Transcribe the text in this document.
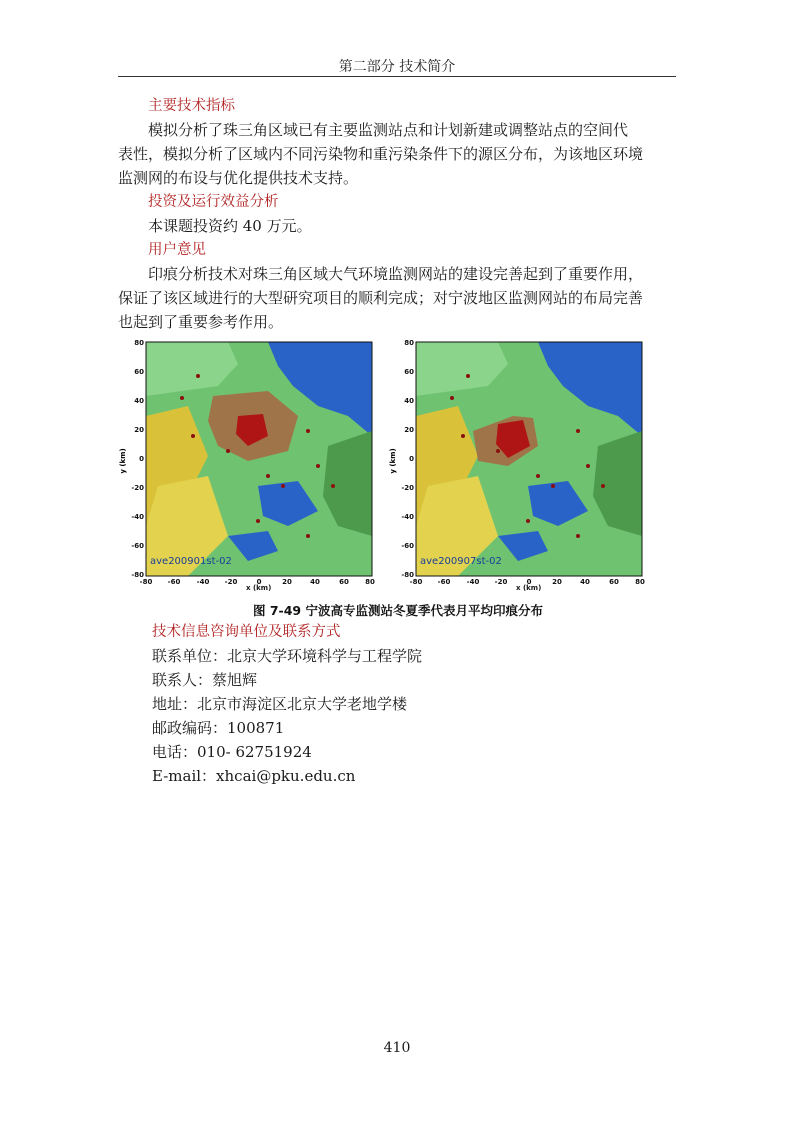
第二部分 技术简介
主要技术指标
模拟分析了珠三角区域已有主要监测站点和计划新建或调整站点的空间代
表性，模拟分析了区域内不同污染物和重污染条件下的源区分布，为该地区环境
监测网的布设与优化提供技术支持。
投资及运行效益分析
本课题投资约 40 万元。
用户意见
印痕分析技术对珠三角区域大气环境监测网站的建设完善起到了重要作用，
保证了该区域进行的大型研究项目的顺利完成；对宁波地区监测网站的布局完善
也起到了重要参考作用。
80
60
40
20
0
-20
-40
-60
-80
y (km)
ave200901st-02
-80 -60 -40 -20	0	20	40	60 80
80
60
40
20
0
-20
-40
-60
-80
y (km)
ave200907st-02
-80 -60 -40 -20	0	20	40	60 80
x (km)	x (km)
图 7-49 宁波高专监测站冬夏季代表月平均印痕分布
技术信息咨询单位及联系方式
联系单位：北京大学环境科学与工程学院
联系人：蔡旭辉
地址：北京市海淀区北京大学老地学楼
邮政编码：100871
电话：010- 62751924
E-mail：xhcai@pku.edu.cn
410
